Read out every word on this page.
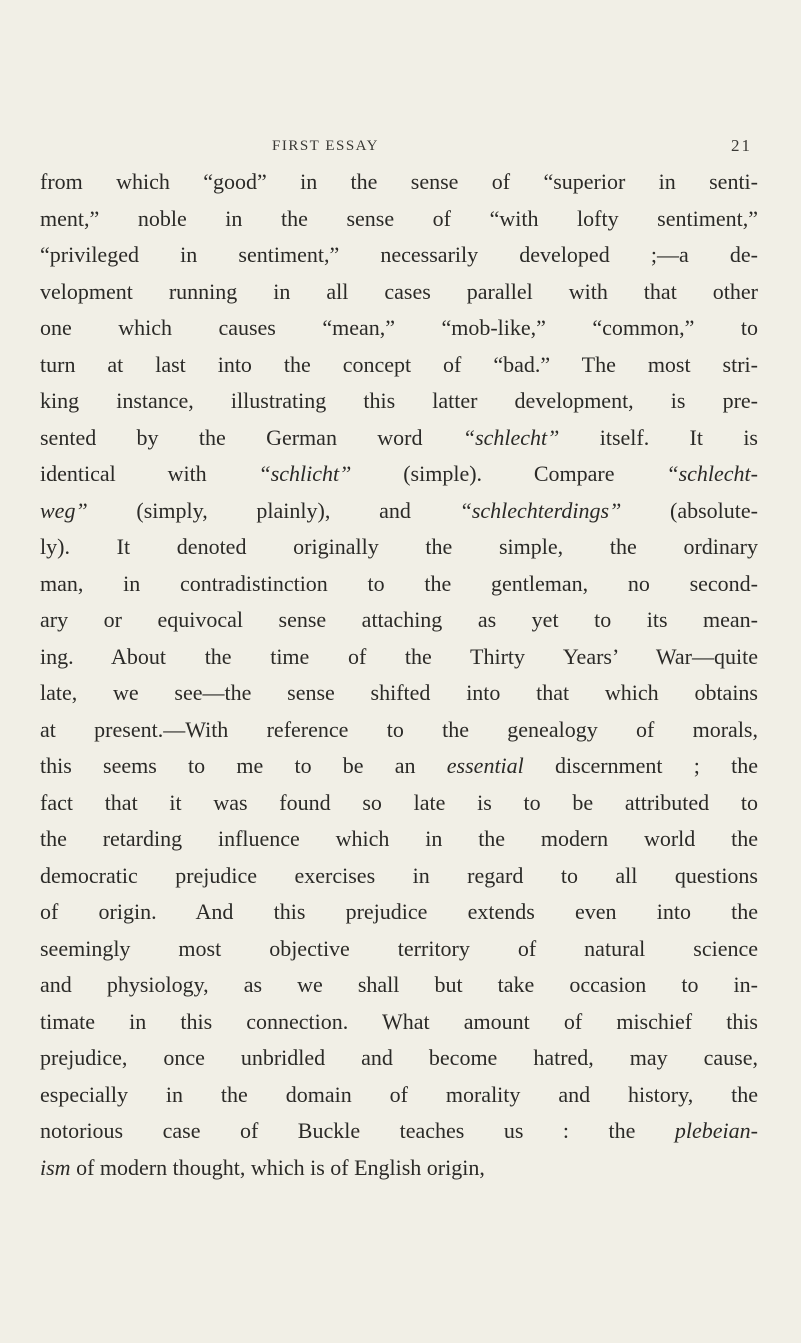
FIRST ESSAY	21
from which “good” in the sense of “superior in senti-
ment,” noble in the sense of “with lofty sentiment,”
“privileged in sentiment,” necessarily developed ;—a de-
velopment running in all cases parallel with that other
one which causes “mean,” “mob-like,” “common,” to
turn at last into the concept of “bad.” The most stri-
king instance, illustrating this latter development, is pre-
sented by the German word “schlecht” itself. It is
identical with “schlicht” (simple). Compare “schlecht-
weg” (simply, plainly), and “schlechterdings” (absolute-
ly). It denoted originally the simple, the ordinary
man, in contradistinction to the gentleman, no second-
ary or equivocal sense attaching as yet to its mean-
ing. About the time of the Thirty Years’ War—quite
late, we see—the sense shifted into that which obtains
at present.—With reference to the genealogy of morals,
this seems to me to be an essential discernment ; the
fact that it was found so late is to be attributed to
the retarding influence which in the modern world the
democratic prejudice exercises in regard to all questions
of origin. And this prejudice extends even into the
seemingly most objective territory of natural science
and physiology, as we shall but take occasion to in-
timate in this connection. What amount of mischief this
prejudice, once unbridled and become hatred, may cause,
especially in the domain of morality and history, the
notorious case of Buckle teaches us : the plebeian-
ism of modern thought, which is of English origin,
